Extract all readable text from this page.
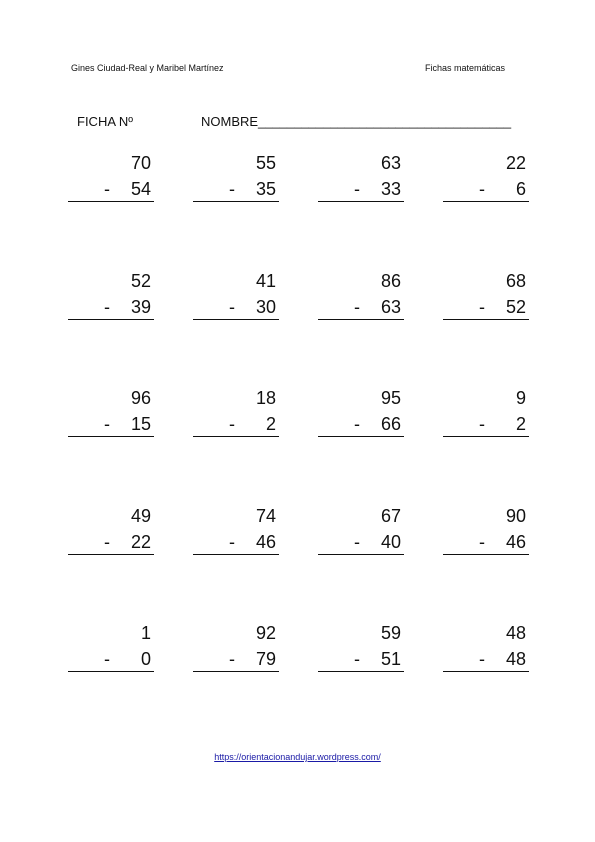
Gines Ciudad-Real y Maribel Martínez	Fichas matemáticas
FICHA Nº	NOMBRE___________________________________
70
- 54
55
- 35
63
- 33
22
- 6
52
- 39
41
- 30
86
- 63
68
- 52
96
- 15
18
- 2
95
- 66
9
- 2
49
- 22
74
- 46
67
- 40
90
- 46
1
- 0
92
- 79
59
- 51
48
- 48
https://orientacionandujar.wordpress.com/
